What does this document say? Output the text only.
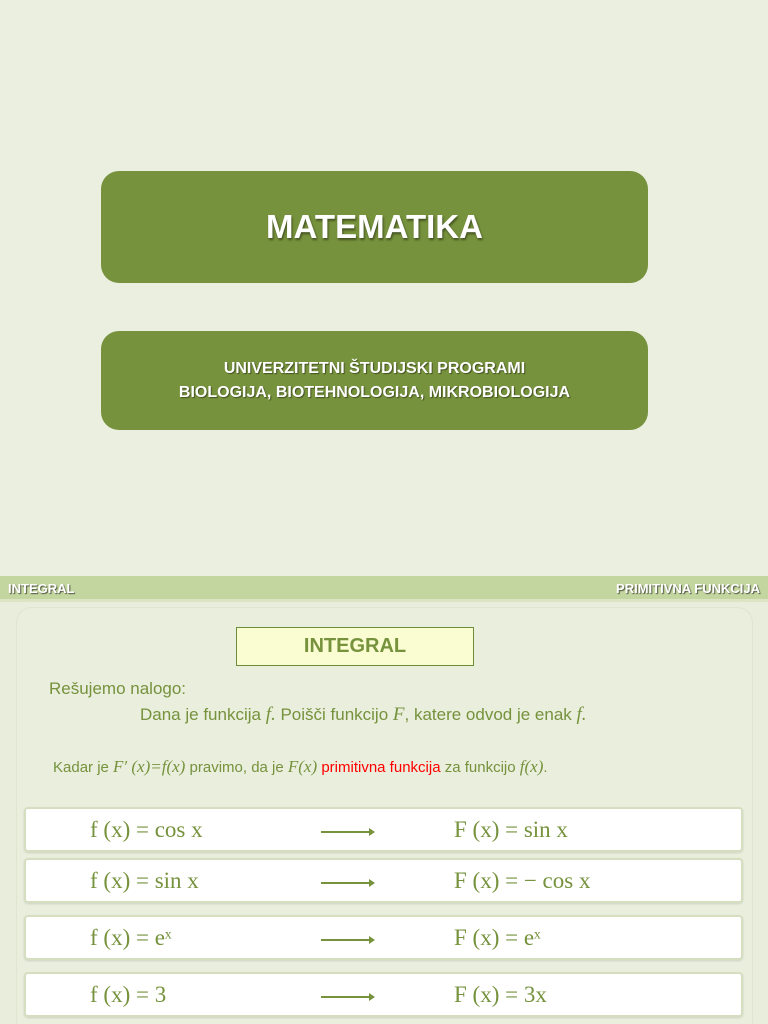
MATEMATIKA
UNIVERZITETNI ŠTUDIJSKI PROGRAMI
BIOLOGIJA, BIOTEHNOLOGIJA, MIKROBIOLOGIJA
INTEGRAL	PRIMITIVNA FUNKCIJA
INTEGRAL
Rešujemo nalogo:
Dana je funkcija f. Poišči funkcijo F, katere odvod je enak f.
Kadar je F′ (x)=f(x) pravimo, da je F(x) primitivna funkcija za funkcijo f(x).
f (x) = cos x	F (x) = sin x
f (x) = sin x	F (x) = − cos x
f (x) = eˣ	F (x) = eˣ
f (x) = 3	F (x) = 3x
